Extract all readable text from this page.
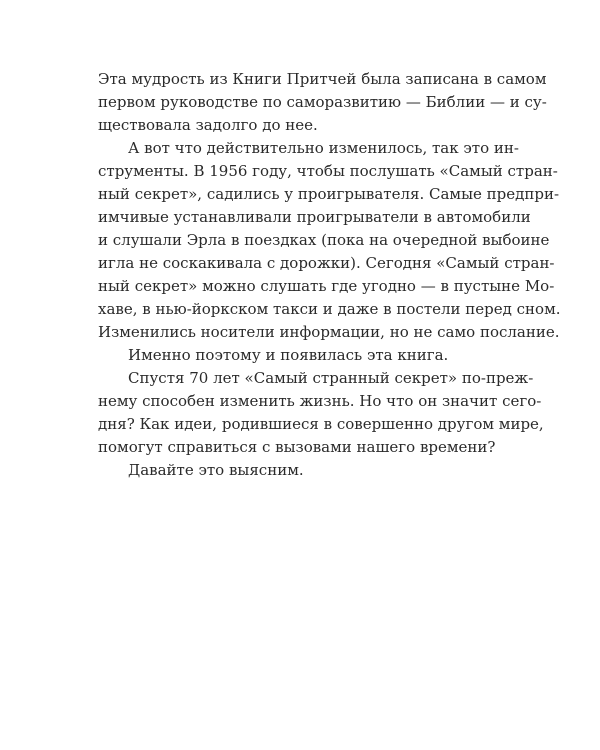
Эта мудрость из Книги Притчей была записана в самом
первом руководстве по саморазвитию — Библии — и су-
ществовала задолго до нее.
А вот что действительно изменилось, так это ин-
струменты. В 1956 году, чтобы послушать «Самый стран-
ный секрет», садились у проигрывателя. Самые предпри-
имчивые устанавливали проигрыватели в автомобили
и слушали Эрла в поездках (пока на очередной выбоине
игла не соскакивала с дорожки). Сегодня «Самый стран-
ный секрет» можно слушать где угодно — в пустыне Мо-
хаве, в нью-йоркском такси и даже в постели перед сном.
Изменились носители информации, но не само послание.
Именно поэтому и появилась эта книга.
Спустя 70 лет «Самый странный секрет» по-преж-
нему способен изменить жизнь. Но что он значит сего-
дня? Как идеи, родившиеся в совершенно другом мире,
помогут справиться с вызовами нашего времени?
Давайте это выясним.
